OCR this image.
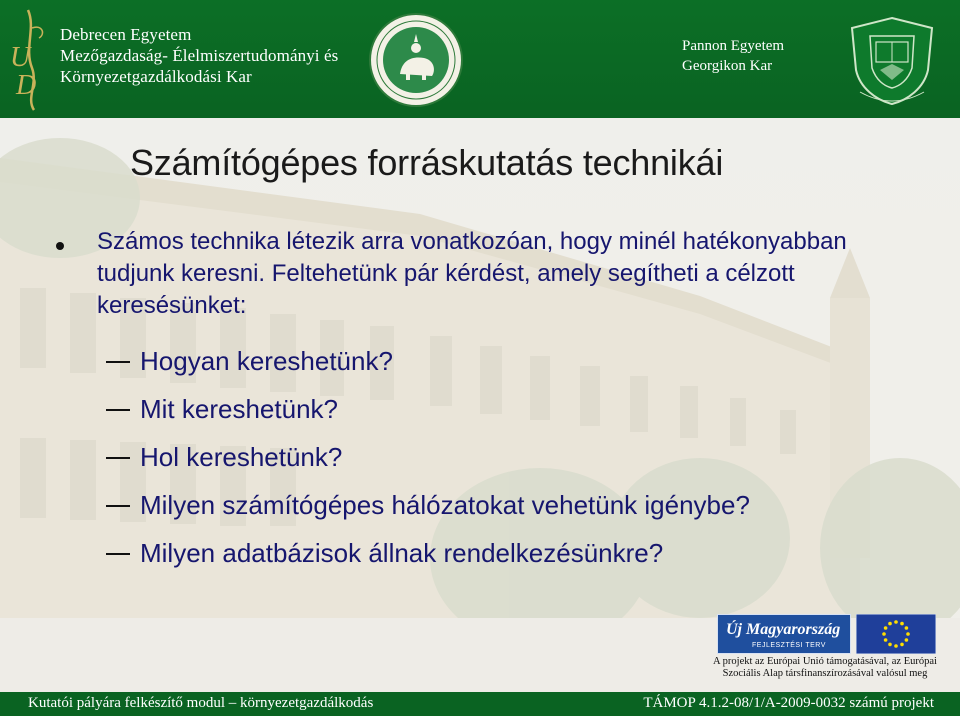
U
D
Debrecen Egyetem
Mezőgazdaság- Élelmiszertudományi és
Környezetgazdálkodási Kar
Pannon Egyetem
Georgikon Kar
Számítógépes forráskutatás technikái
Számos technika létezik arra vonatkozóan, hogy minél hatékonyabban tudjunk keresni. Feltehetünk pár kérdést, amely segítheti a célzott keresésünket:
Hogyan kereshetünk?
Mit kereshetünk?
Hol kereshetünk?
Milyen számítógépes hálózatokat vehetünk igénybe?
Milyen adatbázisok állnak rendelkezésünkre?
Új Magyarország
FEJLESZTÉSI TERV
A projekt az Európai Unió támogatásával, az Európai
Szociális Alap társfinanszírozásával valósul meg
Kutatói pályára felkészítő modul – környezetgazdálkodás	TÁMOP 4.1.2-08/1/A-2009-0032 számú projekt
